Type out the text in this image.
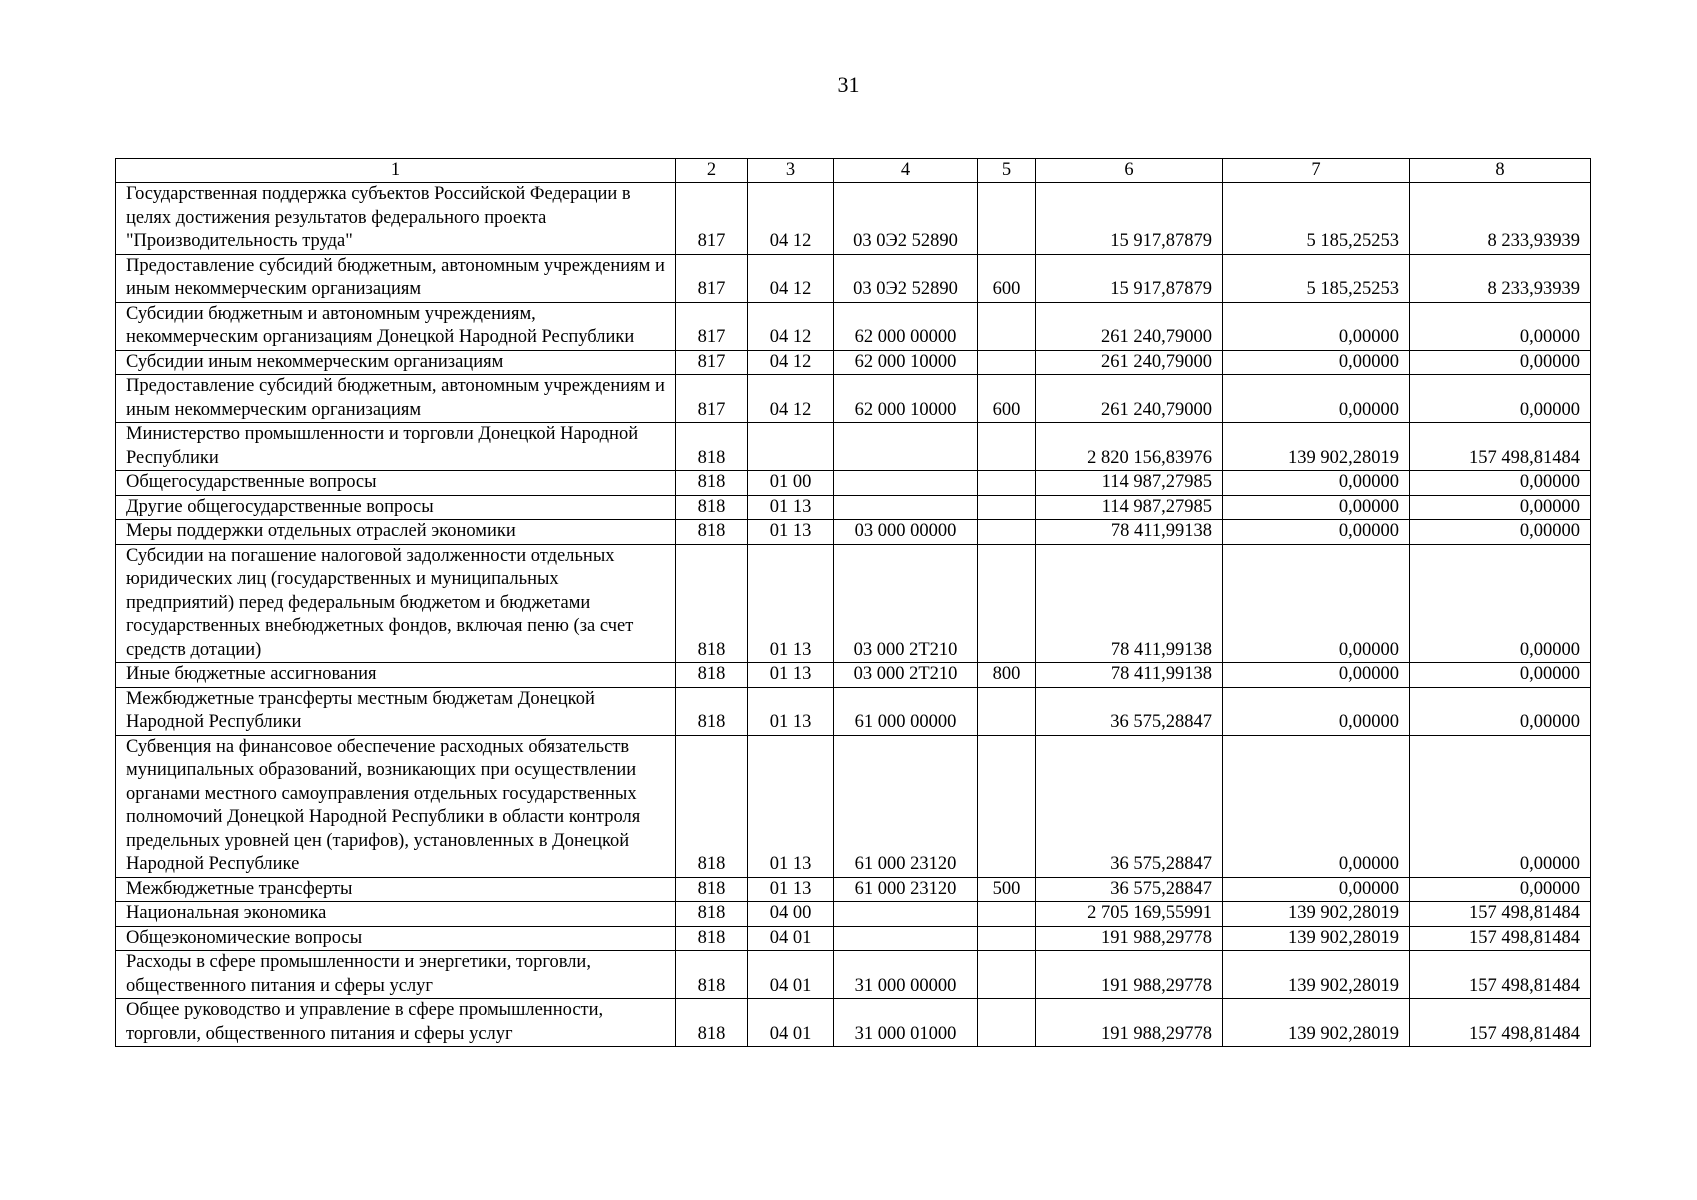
31
1	2	3	4	5	6	7	8
Государственная поддержка субъектов Российской Федерации в целях достижения результатов федерального проекта "Производительность труда"	817	04 12	03 0Э2 52890		15 917,87879	5 185,25253	8 233,93939
Предоставление субсидий бюджетным, автономным учреждениям и иным некоммерческим организациям	817	04 12	03 0Э2 52890	600	15 917,87879	5 185,25253	8 233,93939
Субсидии бюджетным и автономным учреждениям, некоммерческим организациям Донецкой Народной Республики	817	04 12	62 000 00000		261 240,79000	0,00000	0,00000
Субсидии иным некоммерческим организациям	817	04 12	62 000 10000		261 240,79000	0,00000	0,00000
Предоставление субсидий бюджетным, автономным учреждениям и иным некоммерческим организациям	817	04 12	62 000 10000	600	261 240,79000	0,00000	0,00000
Министерство промышленности и торговли Донецкой Народной Республики	818				2 820 156,83976	139 902,28019	157 498,81484
Общегосударственные вопросы	818	01 00			114 987,27985	0,00000	0,00000
Другие общегосударственные вопросы	818	01 13			114 987,27985	0,00000	0,00000
Меры поддержки отдельных отраслей экономики	818	01 13	03 000 00000		78 411,99138	0,00000	0,00000
Субсидии на погашение налоговой задолженности отдельных юридических лиц (государственных и муниципальных предприятий) перед федеральным бюджетом и бюджетами государственных внебюджетных фондов, включая пеню (за счет средств дотации)	818	01 13	03 000 2Т210		78 411,99138	0,00000	0,00000
Иные бюджетные ассигнования	818	01 13	03 000 2Т210	800	78 411,99138	0,00000	0,00000
Межбюджетные трансферты местным бюджетам Донецкой Народной Республики	818	01 13	61 000 00000		36 575,28847	0,00000	0,00000
Субвенция на финансовое обеспечение расходных обязательств муниципальных образований, возникающих при осуществлении органами местного самоуправления отдельных государственных полномочий Донецкой Народной Республики в области контроля предельных уровней цен (тарифов), установленных в Донецкой Народной Республике	818	01 13	61 000 23120		36 575,28847	0,00000	0,00000
Межбюджетные трансферты	818	01 13	61 000 23120	500	36 575,28847	0,00000	0,00000
Национальная экономика	818	04 00			2 705 169,55991	139 902,28019	157 498,81484
Общеэкономические вопросы	818	04 01			191 988,29778	139 902,28019	157 498,81484
Расходы в сфере промышленности и энергетики, торговли, общественного питания и сферы услуг	818	04 01	31 000 00000		191 988,29778	139 902,28019	157 498,81484
Общее руководство и управление в сфере промышленности, торговли, общественного питания и сферы услуг	818	04 01	31 000 01000		191 988,29778	139 902,28019	157 498,81484
